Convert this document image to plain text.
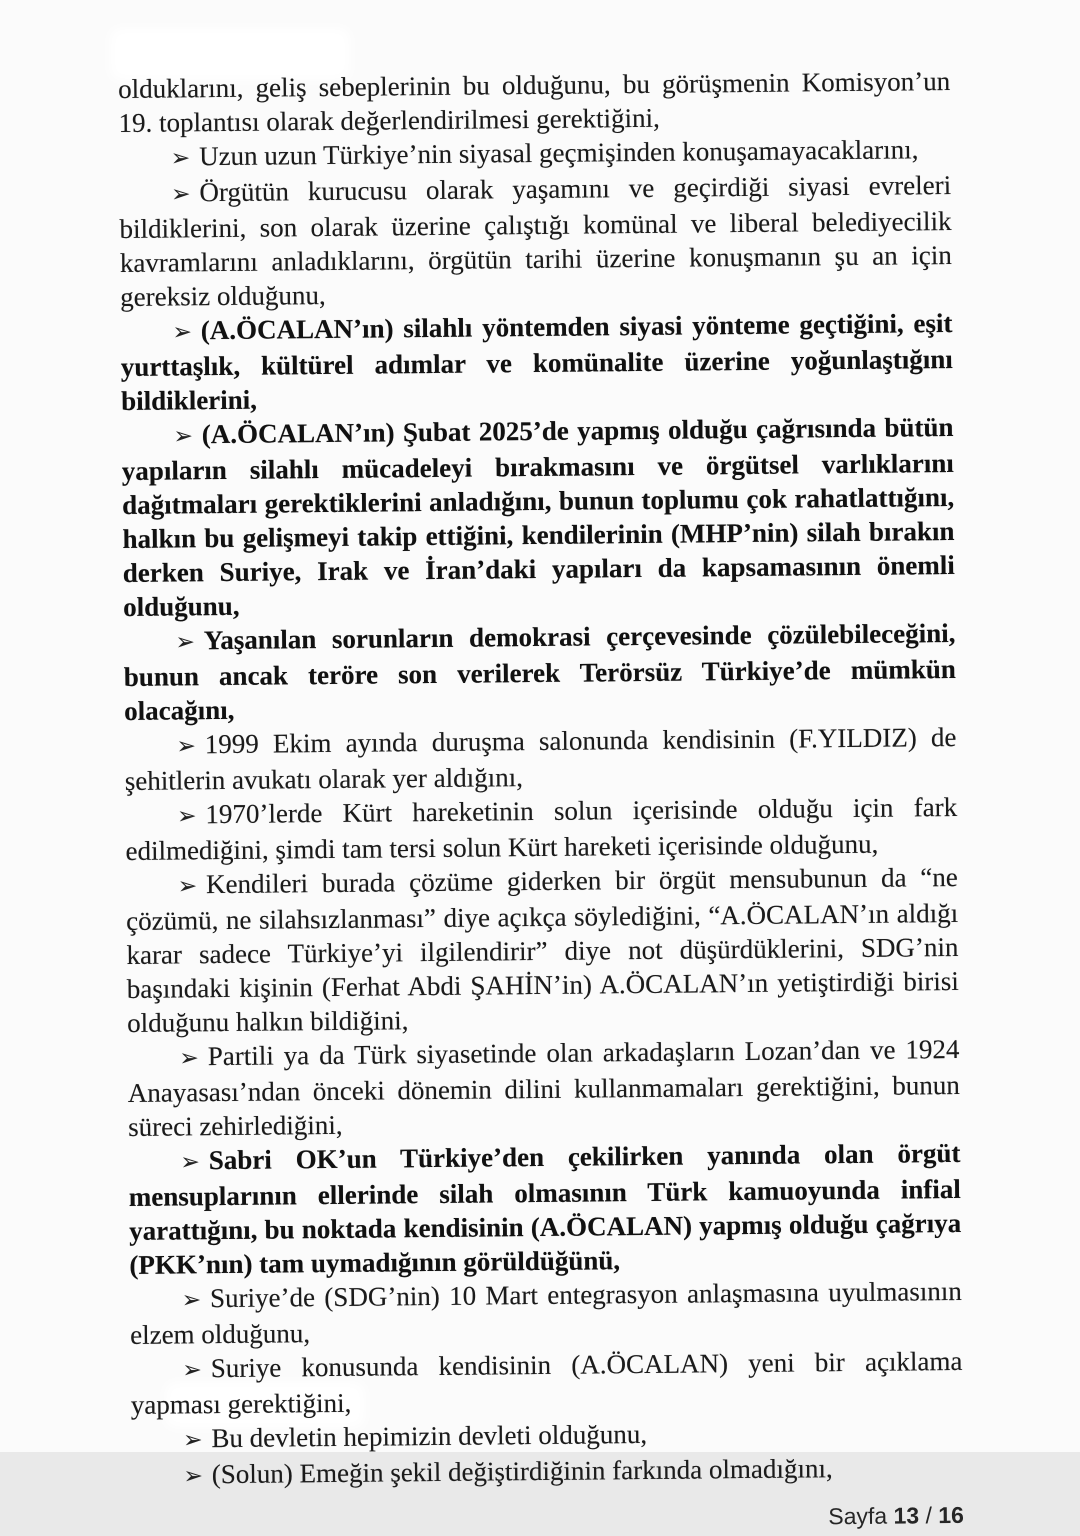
olduklarını, geliş sebeplerinin bu olduğunu, bu görüşmenin Komisyon’un 19. toplantısı olarak değerlendirilmesi gerektiğini,

➢ Uzun uzun Türkiye’nin siyasal geçmişinden konuşamayacaklarını,

➢ Örgütün kurucusu olarak yaşamını ve geçirdiği siyasi evreleri bildiklerini, son olarak üzerine çalıştığı komünal ve liberal belediyecilik kavramlarını anladıklarını, örgütün tarihi üzerine konuşmanın şu an için gereksiz olduğunu,

➢ (A.ÖCALAN’ın) silahlı yöntemden siyasi yönteme geçtiğini, eşit yurttaşlık, kültürel adımlar ve komünalite üzerine yoğunlaştığını bildiklerini,

➢ (A.ÖCALAN’ın) Şubat 2025’de yapmış olduğu çağrısında bütün yapıların silahlı mücadeleyi bırakmasını ve örgütsel varlıklarını dağıtmaları gerektiklerini anladığını, bunun toplumu çok rahatlattığını, halkın bu gelişmeyi takip ettiğini, kendilerinin (MHP’nin) silah bırakın derken Suriye, Irak ve İran’daki yapıları da kapsamasının önemli olduğunu,

➢ Yaşanılan sorunların demokrasi çerçevesinde çözülebileceğini, bunun ancak teröre son verilerek Terörsüz Türkiye’de mümkün olacağını,

➢ 1999 Ekim ayında duruşma salonunda kendisinin (F.YILDIZ) de şehitlerin avukatı olarak yer aldığını,

➢ 1970’lerde Kürt hareketinin solun içerisinde olduğu için fark edilmediğini, şimdi tam tersi solun Kürt hareketi içerisinde olduğunu,

➢ Kendileri burada çözüme giderken bir örgüt mensubunun da “ne çözümü, ne silahsızlanması” diye açıkça söylediğini, “A.ÖCALAN’ın aldığı karar sadece Türkiye’yi ilgilendirir” diye not düşürdüklerini, SDG’nin başındaki kişinin (Ferhat Abdi ŞAHİN’in) A.ÖCALAN’ın yetiştirdiği birisi olduğunu halkın bildiğini,

➢ Partili ya da Türk siyasetinde olan arkadaşların Lozan’dan ve 1924 Anayasası’ndan önceki dönemin dilini kullanmamaları gerektiğini, bunun süreci zehirlediğini,

➢ Sabri OK’un Türkiye’den çekilirken yanında olan örgüt mensuplarının ellerinde silah olmasının Türk kamuoyunda infial yarattığını, bu noktada kendisinin (A.ÖCALAN) yapmış olduğu çağrıya (PKK’nın) tam uymadığının görüldüğünü,

➢ Suriye’de (SDG’nin) 10 Mart entegrasyon anlaşmasına uyulmasının elzem olduğunu,

➢ Suriye konusunda kendisinin (A.ÖCALAN) yeni bir açıklama yapması gerektiğini,

➢ Bu devletin hepimizin devleti olduğunu,

➢ (Solun) Emeğin şekil değiştirdiğinin farkında olmadığını,

Sayfa 13 / 16
